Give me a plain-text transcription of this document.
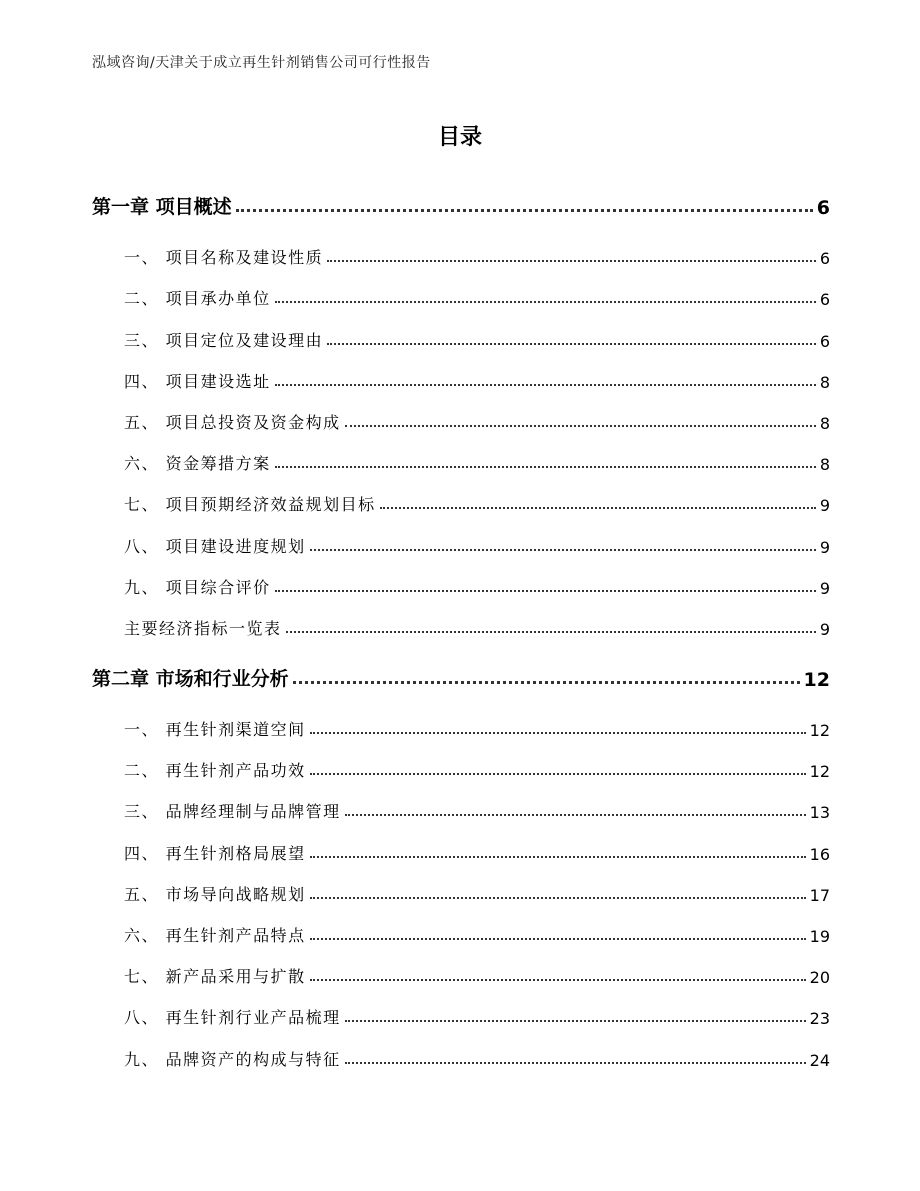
泓域咨询/天津关于成立再生针剂销售公司可行性报告
目录
第一章 项目概述	6
一、 项目名称及建设性质	6
二、 项目承办单位	6
三、 项目定位及建设理由	6
四、 项目建设选址	8
五、 项目总投资及资金构成	8
六、 资金筹措方案	8
七、 项目预期经济效益规划目标	9
八、 项目建设进度规划	9
九、 项目综合评价	9
主要经济指标一览表	9
第二章 市场和行业分析	12
一、 再生针剂渠道空间	12
二、 再生针剂产品功效	12
三、 品牌经理制与品牌管理	13
四、 再生针剂格局展望	16
五、 市场导向战略规划	17
六、 再生针剂产品特点	19
七、 新产品采用与扩散	20
八、 再生针剂行业产品梳理	23
九、 品牌资产的构成与特征	24
